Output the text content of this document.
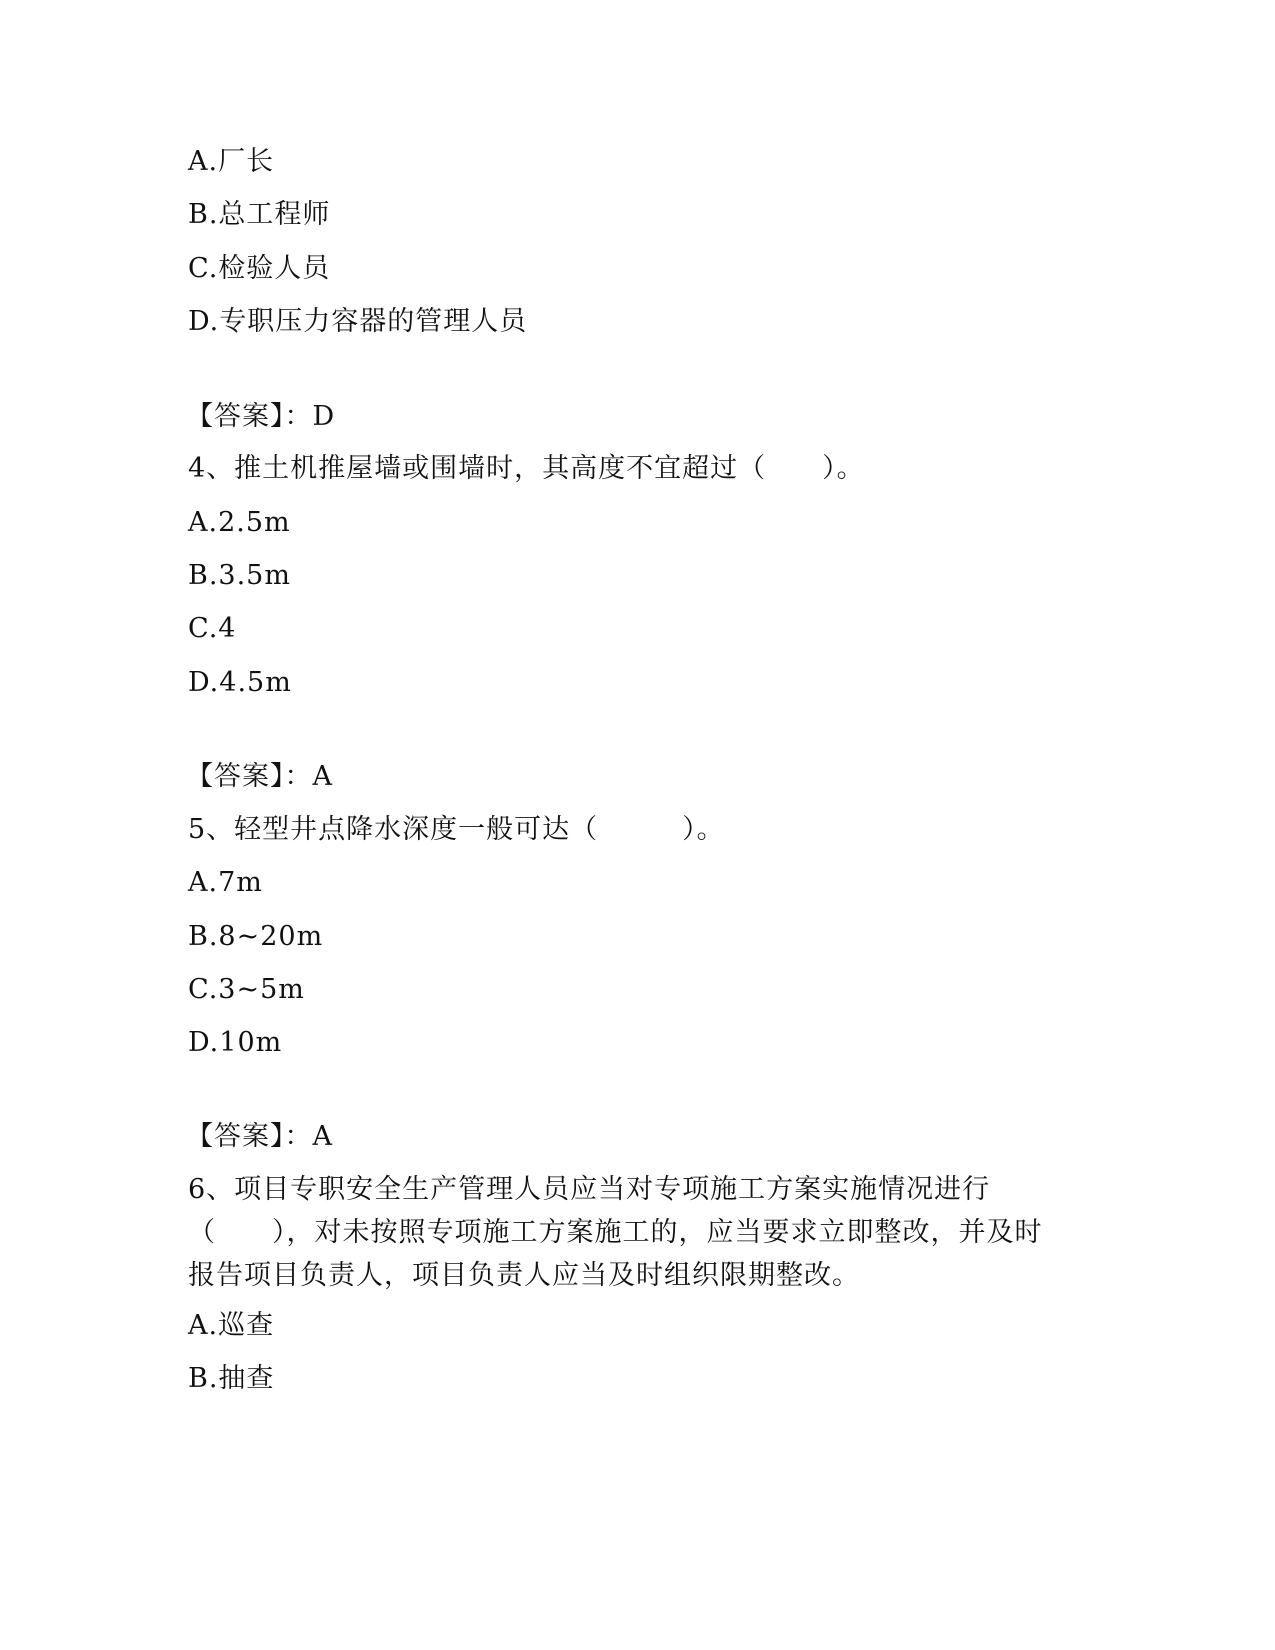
A.厂长
B.总工程师
C.检验人员
D.专职压力容器的管理人员
【答案】：D
4、推土机推屋墙或围墙时，其高度不宜超过（　　）。
A.2.5m
B.3.5m
C.4
D.4.5m
【答案】：A
5、轻型井点降水深度一般可达（　　　）。
A.7m
B.8~20m
C.3~5m
D.10m
【答案】：A
6、项目专职安全生产管理人员应当对专项施工方案实施情况进行（　　），对未按照专项施工方案施工的，应当要求立即整改，并及时报告项目负责人，项目负责人应当及时组织限期整改。
A.巡查
B.抽查
